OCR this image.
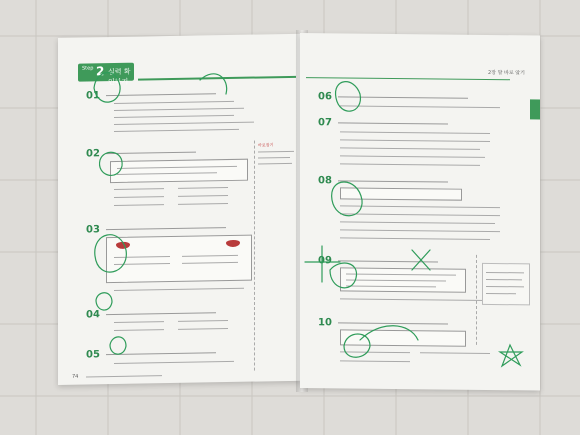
Step 2 실력 확인하기
01
바로잡기
02
03
04
05
74
2장 말 바로 알기
06
07
08
09
10
